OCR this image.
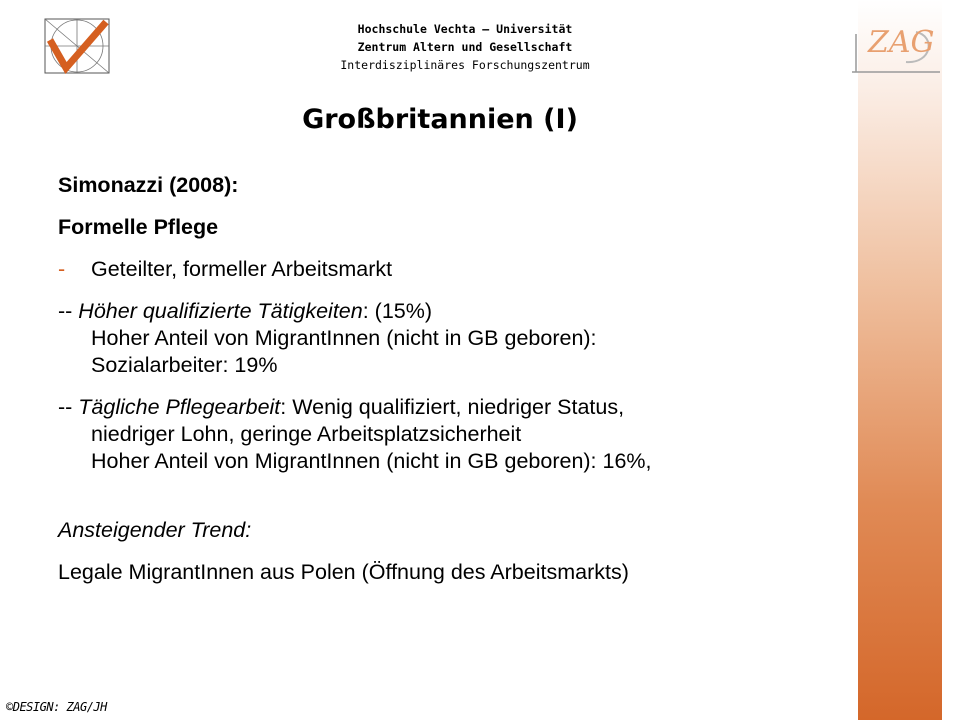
ZAG
Hochschule Vechta – Universität
Zentrum Altern und Gesellschaft
Interdisziplinäres Forschungszentrum
Großbritannien (I)

Simonazzi (2008):

Formelle Pflege

- Geteilter, formeller Arbeitsmarkt

-- Höher qualifizierte Tätigkeiten: (15%)
Hoher Anteil von MigrantInnen (nicht in GB geboren):
Sozialarbeiter: 19%

-- Tägliche Pflegearbeit: Wenig qualifiziert, niedriger Status,
niedriger Lohn, geringe Arbeitsplatzsicherheit
Hoher Anteil von MigrantInnen (nicht in GB geboren): 16%,

Ansteigender Trend:

Legale MigrantInnen aus Polen (Öffnung des Arbeitsmarkts)

©DESIGN: ZAG/JH
